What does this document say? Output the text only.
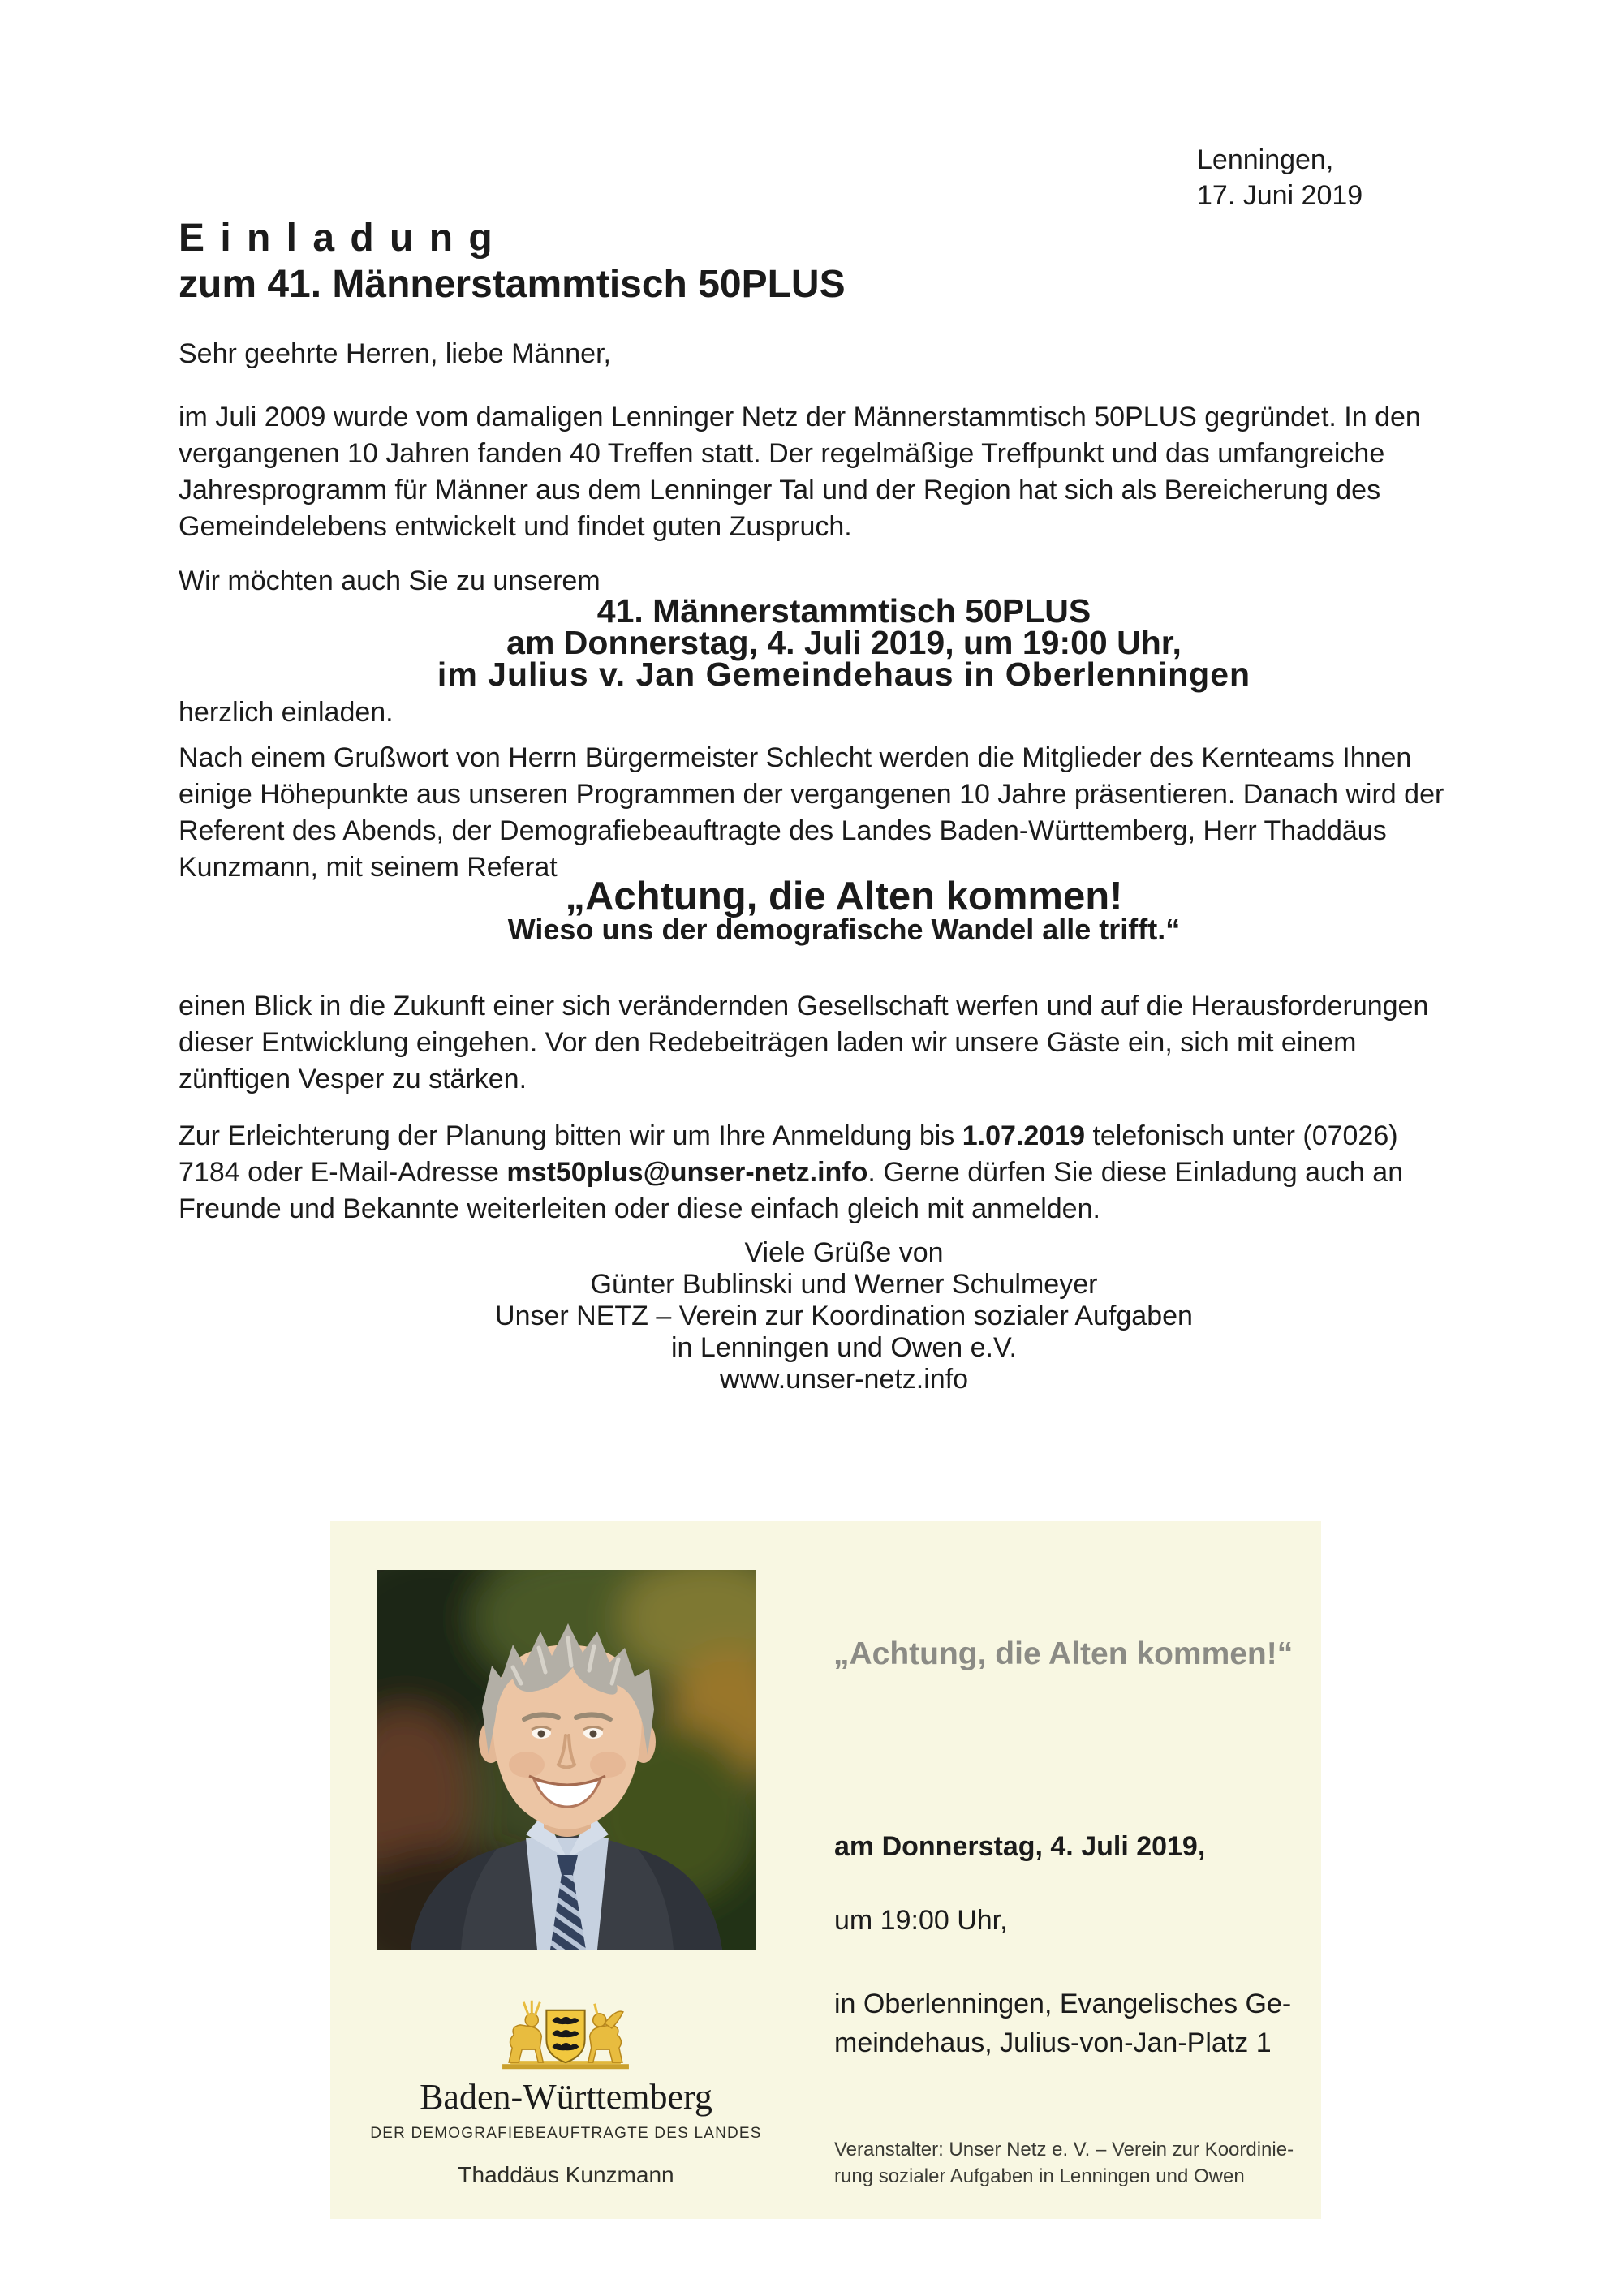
Lenningen,
17. Juni 2019
E i n l a d u n g
zum 41. Männerstammtisch 50PLUS
Sehr geehrte Herren, liebe Männer,
im Juli 2009 wurde vom damaligen Lenninger Netz der Männerstammtisch 50PLUS gegründet. In den
vergangenen 10 Jahren fanden 40 Treffen statt. Der regelmäßige Treffpunkt und das umfangreiche
Jahresprogramm für Männer aus dem Lenninger Tal und der Region hat sich als Bereicherung des
Gemeindelebens entwickelt und findet guten Zuspruch.
Wir möchten auch Sie zu unserem
41. Männerstammtisch 50PLUS
am Donnerstag, 4. Juli 2019, um 19:00 Uhr,
im Julius v. Jan Gemeindehaus in Oberlenningen
herzlich einladen.
Nach einem Grußwort von Herrn Bürgermeister Schlecht werden die Mitglieder des Kernteams Ihnen
einige Höhepunkte aus unseren Programmen der vergangenen 10 Jahre präsentieren. Danach wird der
Referent des Abends, der Demografiebeauftragte des Landes Baden-Württemberg, Herr Thaddäus
Kunzmann, mit seinem Referat
„Achtung, die Alten kommen!
Wieso uns der demografische Wandel alle trifft.“
einen Blick in die Zukunft einer sich verändernden Gesellschaft werfen und auf die Herausforderungen
dieser Entwicklung eingehen. Vor den Redebeiträgen laden wir unsere Gäste ein, sich mit einem
zünftigen Vesper zu stärken.
Zur Erleichterung der Planung bitten wir um Ihre Anmeldung bis 1.07.2019 telefonisch unter (07026)
7184 oder E-Mail-Adresse mst50plus@unser-netz.info. Gerne dürfen Sie diese Einladung auch an
Freunde und Bekannte weiterleiten oder diese einfach gleich mit anmelden.
Viele Grüße von
Günter Bublinski und Werner Schulmeyer
Unser NETZ – Verein zur Koordination sozialer Aufgaben
in Lenningen und Owen e.V.
www.unser-netz.info
„Achtung, die Alten kommen!“
am Donnerstag, 4. Juli 2019,
um 19:00 Uhr,
in Oberlenningen, Evangelisches Ge-
meindehaus, Julius-von-Jan-Platz 1
Veranstalter: Unser Netz e. V. – Verein zur Koordinie-
rung sozialer Aufgaben in Lenningen und Owen
Baden-Württemberg
DER DEMOGRAFIEBEAUFTRAGTE DES LANDES
Thaddäus Kunzmann
